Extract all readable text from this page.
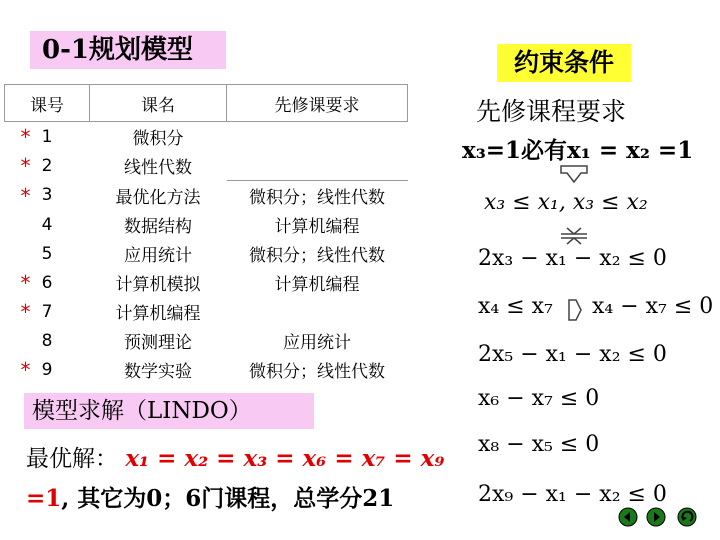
0-1规划模型	约束条件
课号	课名	先修课要求

* 1	微积分	

* 2	线性代数	

* 3	最优化方法	微积分；线性代数
4	数据结构	计算机编程
5	应用统计	微积分；线性代数

* 6	计算机模拟	计算机编程

* 7	计算机编程	
8	预测理论	应用统计

* 9	数学实验	微积分；线性代数
模型求解（LINDO）
最优解： x₁ = x₂ = x₃ = x₆ = x₇ = x₉
=1, 其它为0；6门课程，总学分21
先修课程要求
x₃=1必有x₁ = x₂ =1
x₃ ≤ x₁, x₃ ≤ x₂
2x₃ − x₁ − x₂ ≤ 0
x₄ ≤ x₇ x₄ − x₇ ≤ 0
2x₅ − x₁ − x₂ ≤ 0
x₆ − x₇ ≤ 0
x₈ − x₅ ≤ 0
2x₉ − x₁ − x₂ ≤ 0
